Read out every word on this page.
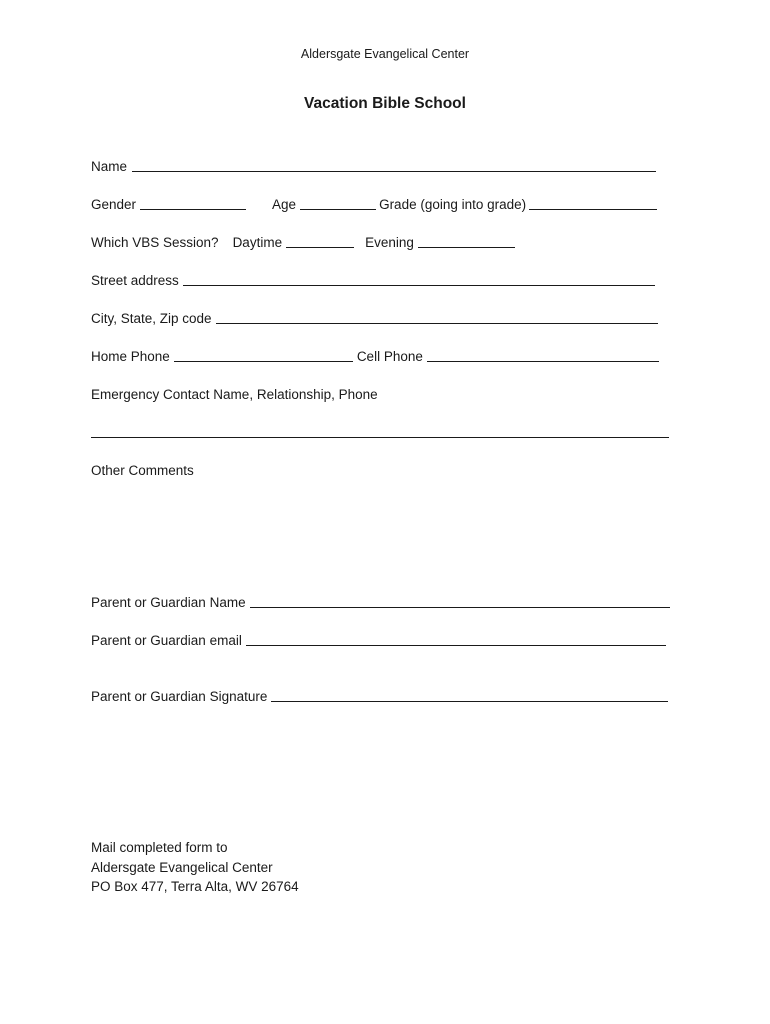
Aldersgate Evangelical Center
Vacation Bible School
Name
Gender	Age	Grade (going into grade)
Which VBS Session? Daytime	Evening
Street address
City, State, Zip code
Home Phone	Cell Phone
Emergency Contact Name, Relationship, Phone
Other Comments
Parent or Guardian Name
Parent or Guardian email
Parent or Guardian Signature
Mail completed form to
Aldersgate Evangelical Center
PO Box 477, Terra Alta, WV 26764
